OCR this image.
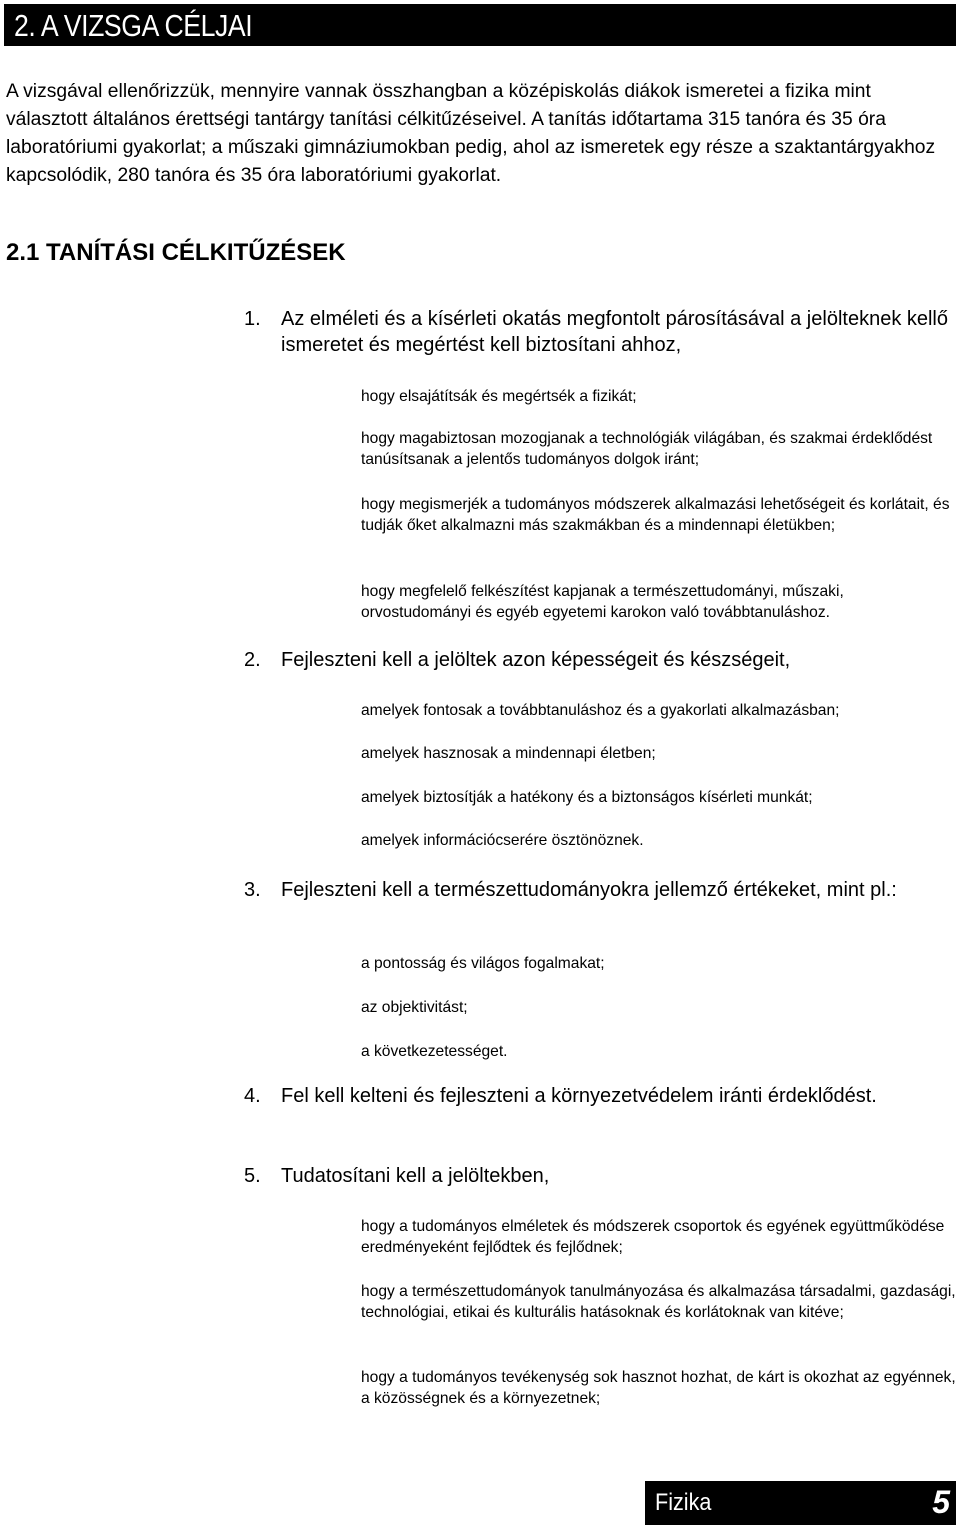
2. A VIZSGA CÉLJAI

A vizsgával ellenőrizzük, mennyire vannak összhangban a középiskolás diákok ismeretei a fizika mint választott általános érettségi tantárgy tanítási célkitűzéseivel. A tanítás időtartama 315 tanóra és 35 óra laboratóriumi gyakorlat; a műszaki gimnáziumokban pedig, ahol az ismeretek egy része a szaktantárgyakhoz kapcsolódik, 280 tanóra és 35 óra laboratóriumi gyakorlat.

2.1 TANÍTÁSI CÉLKITŰZÉSEK
1.	Az elméleti és a kísérleti okatás megfontolt párosításával a jelölteknek kellő ismeretet és megértést kell biztosítani ahhoz,
hogy elsajátítsák és megértsék a fizikát;
hogy magabiztosan mozogjanak a technológiák világában, és szakmai érdeklődést tanúsítsanak a jelentős tudományos dolgok iránt;
hogy megismerjék a tudományos módszerek alkalmazási lehetőségeit és korlátait, és tudják őket alkalmazni más szakmákban és a mindennapi életükben;
hogy megfelelő felkészítést kapjanak a természettudományi, műszaki, orvostudományi és egyéb egyetemi karokon való továbbtanuláshoz.
2.	Fejleszteni kell a jelöltek azon képességeit és készségeit,
amelyek fontosak a továbbtanuláshoz és a gyakorlati alkalmazásban;
amelyek hasznosak a mindennapi életben;
amelyek biztosítják a hatékony és a biztonságos kísérleti munkát;
amelyek információcserére ösztönöznek.
3.	Fejleszteni kell a természettudományokra jellemző értékeket, mint pl.:
a pontosság és világos fogalmakat;
az objektivitást;
a következetességet.
4.	Fel kell kelteni és fejleszteni a környezetvédelem iránti érdeklődést.
5.	Tudatosítani kell a jelöltekben,
hogy a tudományos elméletek és módszerek csoportok és egyének együttműködése eredményeként fejlődtek és fejlődnek;
hogy a természettudományok tanulmányozása és alkalmazása társadalmi, gazdasági, technológiai, etikai és kulturális hatásoknak és korlátoknak van kitéve;
hogy a tudományos tevékenység sok hasznot hozhat, de kárt is okozhat az egyénnek, a közösségnek és a környezetnek;
Fizika	5
